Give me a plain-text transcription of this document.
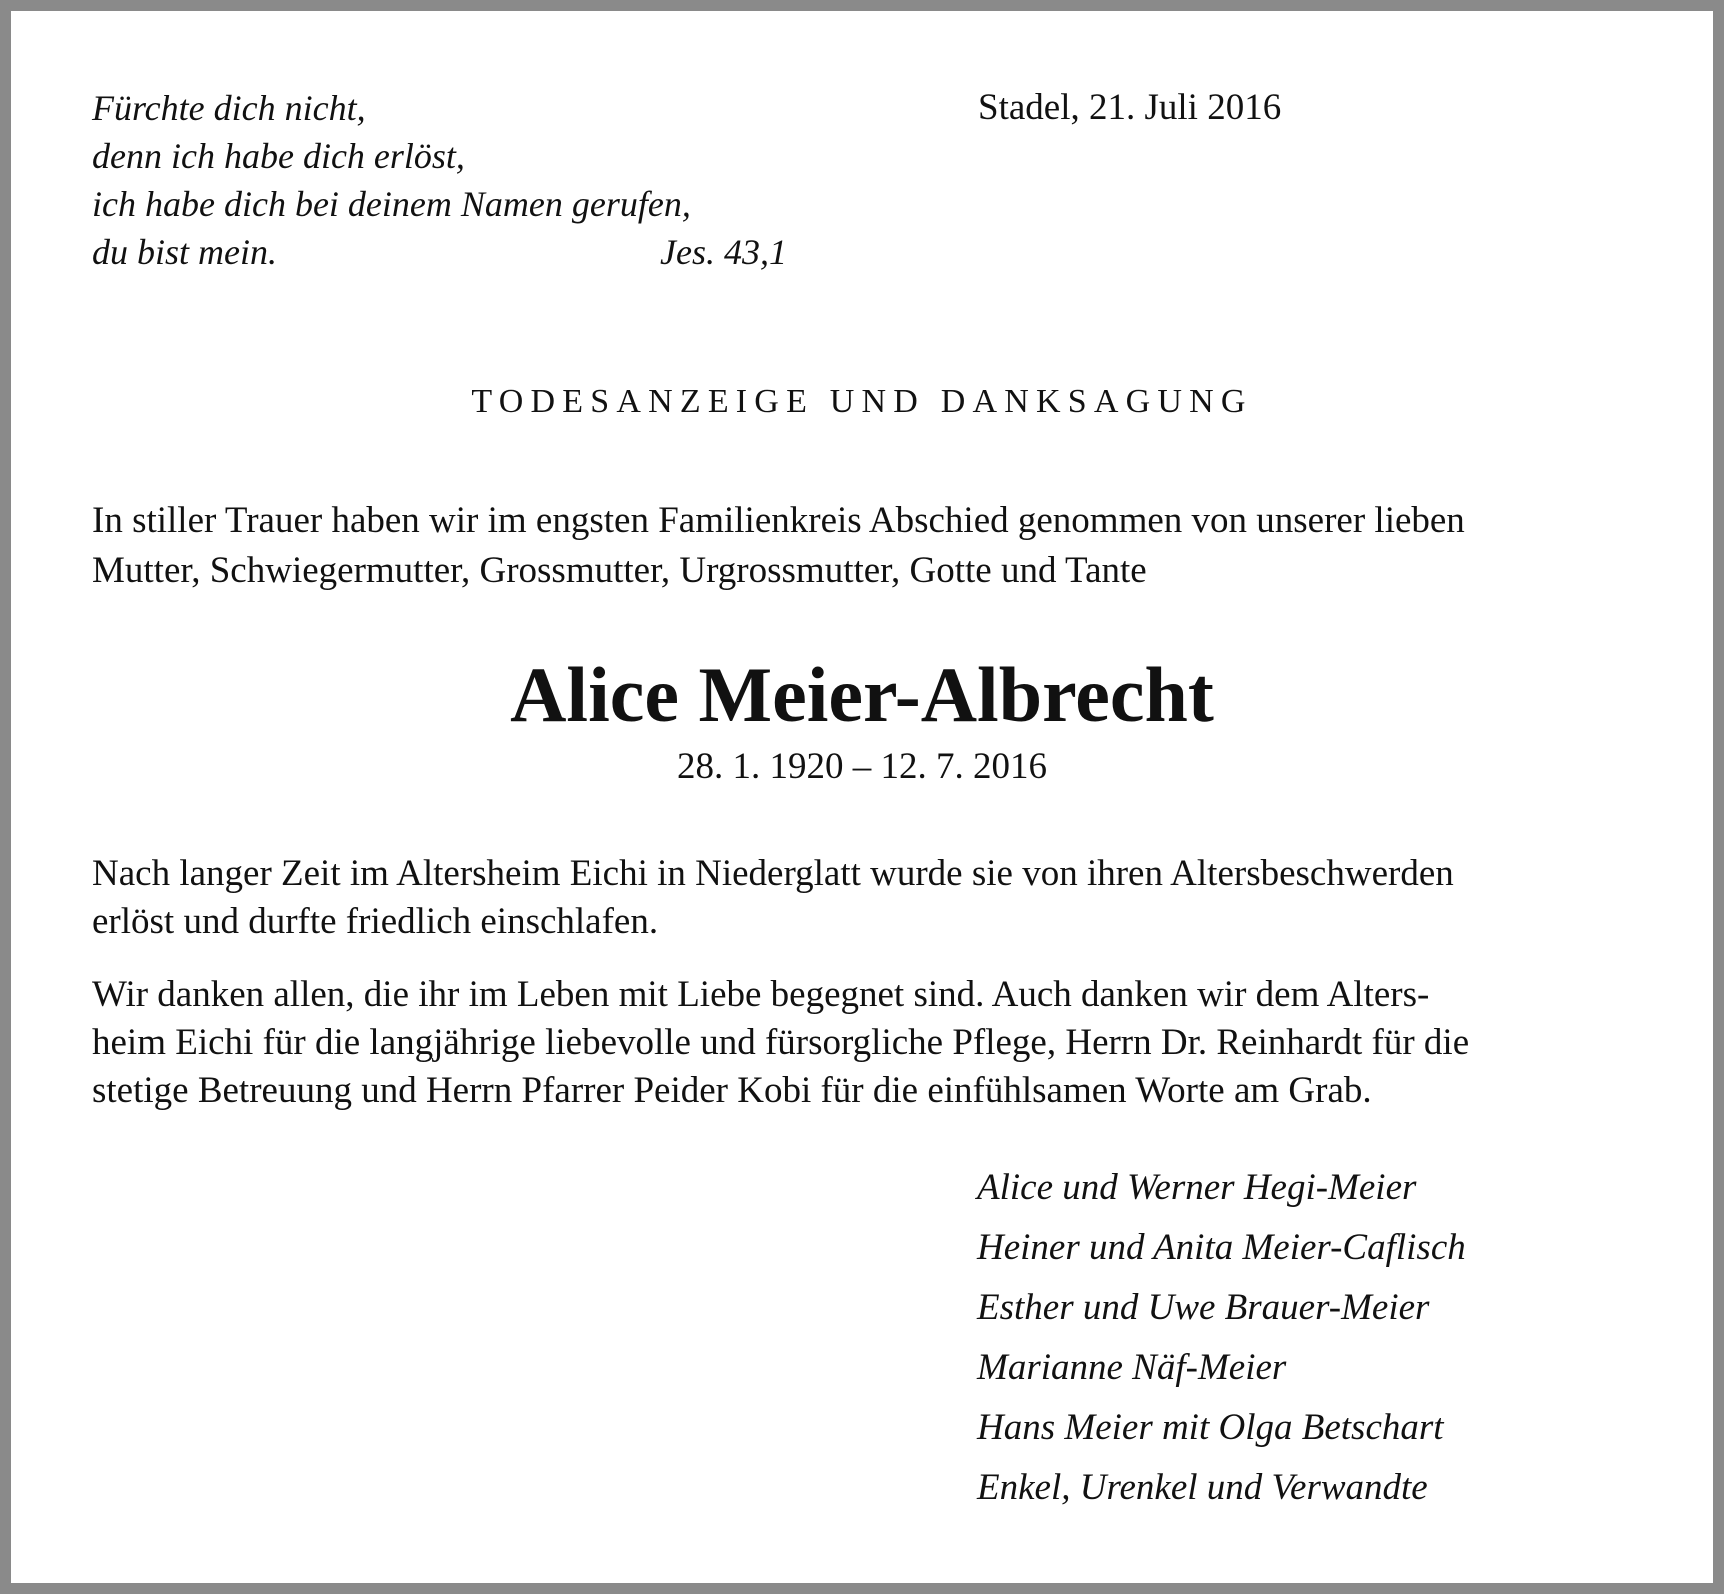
Fürchte dich nicht,
denn ich habe dich erlöst,
ich habe dich bei deinem Namen gerufen,
du bist mein.	Jes. 43,1
Stadel, 21. Juli 2016
TODESANZEIGE UND DANKSAGUNG
In stiller Trauer haben wir im engsten Familienkreis Abschied genommen von unserer lieben
Mutter, Schwiegermutter, Grossmutter, Urgrossmutter, Gotte und Tante
Alice Meier-Albrecht
28. 1. 1920 – 12. 7. 2016
Nach langer Zeit im Altersheim Eichi in Niederglatt wurde sie von ihren Altersbeschwerden
erlöst und durfte friedlich einschlafen.
Wir danken allen, die ihr im Leben mit Liebe begegnet sind. Auch danken wir dem Alters-
heim Eichi für die langjährige liebevolle und fürsorgliche Pflege, Herrn Dr. Reinhardt für die
stetige Betreuung und Herrn Pfarrer Peider Kobi für die einfühlsamen Worte am Grab.
Alice und Werner Hegi-Meier
Heiner und Anita Meier-Caflisch
Esther und Uwe Brauer-Meier
Marianne Näf-Meier
Hans Meier mit Olga Betschart
Enkel, Urenkel und Verwandte
